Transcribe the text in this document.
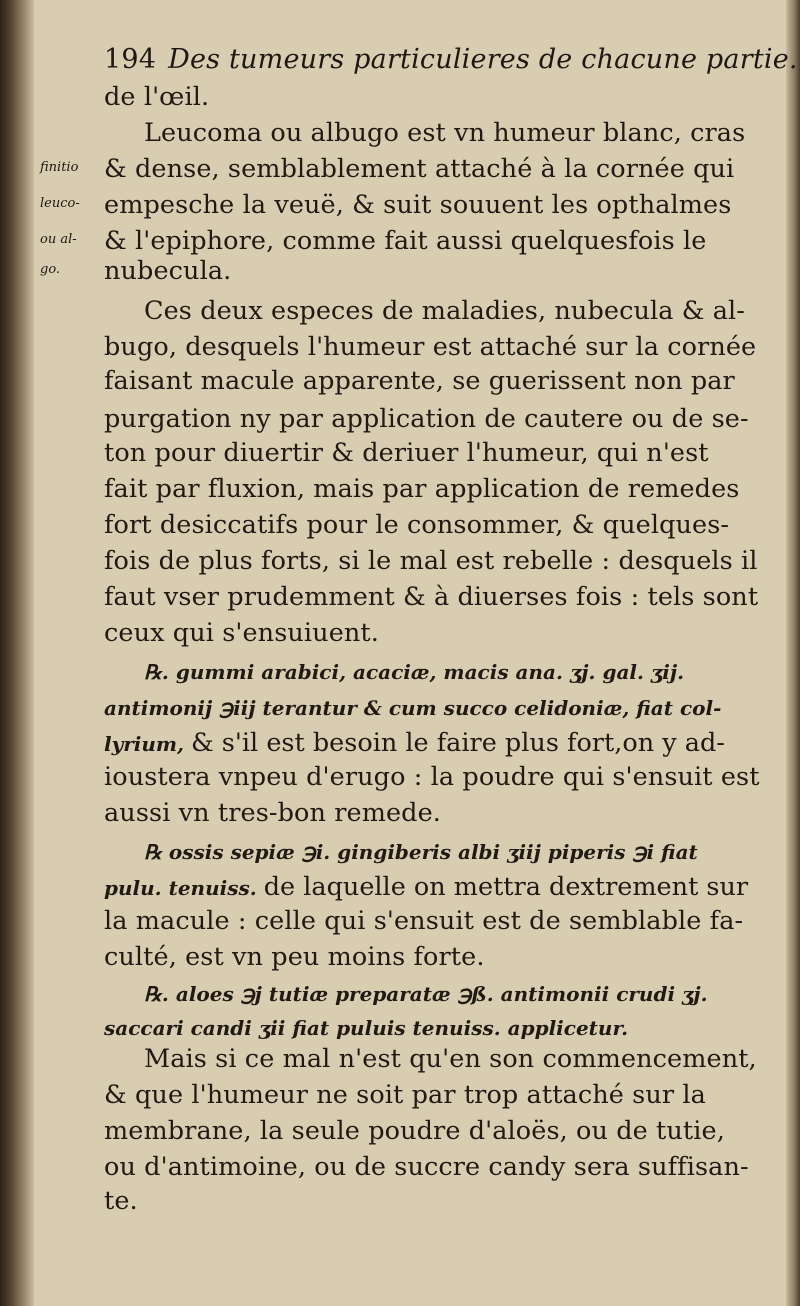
194 Des tumeurs particulieres de chacune partie.
finitio
leuco-
ou al-
go.
de l'œil.
Leucoma ou albugo est vn humeur blanc, cras
& dense, semblablement attaché à la cornée qui
empesche la veuë, & suit souuent les opthalmes
& l'epiphore, comme fait aussi quelquesfois le
nubecula.
Ces deux especes de maladies, nubecula & al-
bugo, desquels l'humeur est attaché sur la cornée
faisant macule apparente, se guerissent non par
purgation ny par application de cautere ou de se-
ton pour diuertir & deriuer l'humeur, qui n'est
fait par fluxion, mais par application de remedes
fort desiccatifs pour le consommer, & quelques-
fois de plus forts, si le mal est rebelle : desquels il
faut vser prudemment & à diuerses fois : tels sont
ceux qui s'ensuiuent.
℞. gummi arabici, acaciæ, macis ana. ʒj. gal. ʒij.
antimonij ℈iij terantur & cum succo celidoniæ, fiat col-
lyrium, & s'il est besoin le faire plus fort,on y ad-
ioustera vnpeu d'erugo : la poudre qui s'ensuit est
aussi vn tres-bon remede.
℞ ossis sepiæ ℈i. gingiberis albi ʒiij piperis ℈i fiat
pulu. tenuiss. de laquelle on mettra dextrement sur
la macule : celle qui s'ensuit est de semblable fa-
culté, est vn peu moins forte.
℞. aloes ℈j tutiæ preparatæ ℈ß. antimonii crudi ʒj.
saccari candi ʒii fiat puluis tenuiss. applicetur.
Mais si ce mal n'est qu'en son commencement,
& que l'humeur ne soit par trop attaché sur la
membrane, la seule poudre d'aloës, ou de tutie,
ou d'antimoine, ou de succre candy sera suffisan-
te.
